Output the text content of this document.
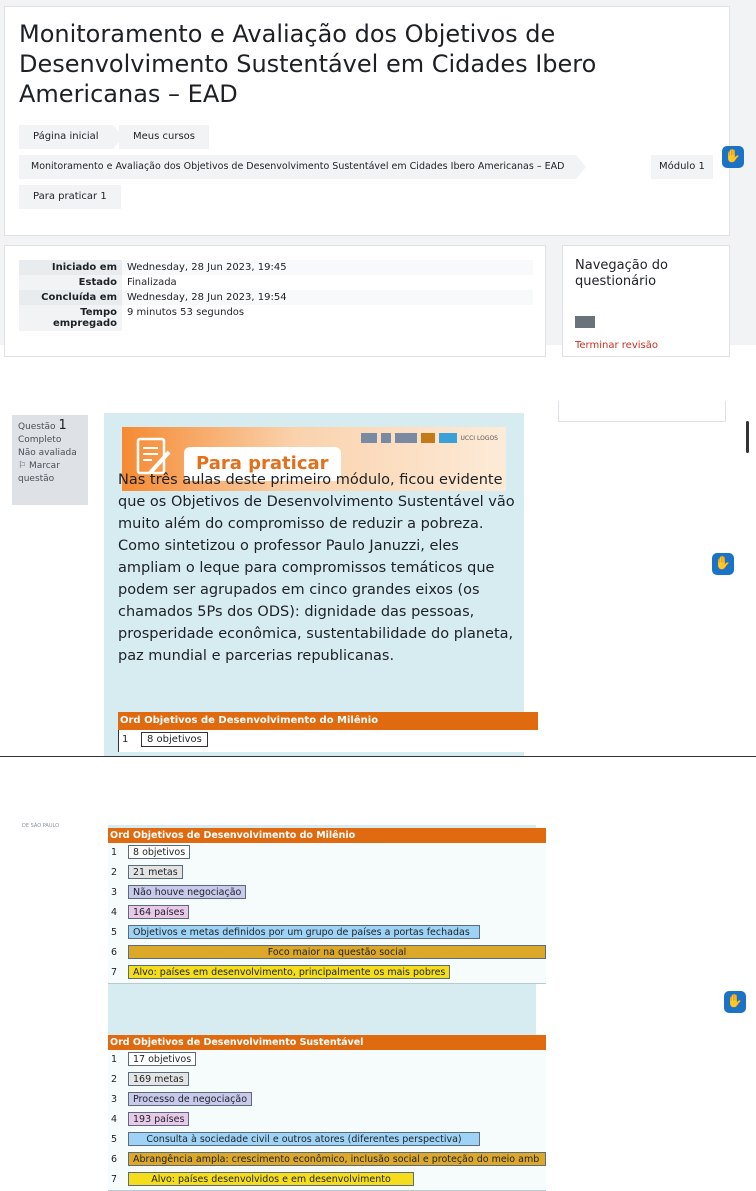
Monitoramento e Avaliação dos Objetivos de Desenvolvimento Sustentável em Cidades Ibero Americanas – EAD
Página inicial	Meus cursos
Monitoramento e Avaliação dos Objetivos de Desenvolvimento Sustentável em Cidades Ibero Americanas – EAD	Módulo 1
Para praticar 1
✋
Iniciado em	Wednesday, 28 Jun 2023, 19:45
Estado	Finalizada
Concluída em	Wednesday, 28 Jun 2023, 19:54
Tempo empregado	9 minutos 53 segundos
Navegação do questionário
Terminar revisão
Questão 1
Completo
Não avaliada
⚐ Marcar questão
Para praticar
UCCI LOGOS

Nas três aulas deste primeiro módulo, ficou evidente que os Objetivos de Desenvolvimento Sustentável vão muito além do compromisso de reduzir a pobreza. Como sintetizou o professor Paulo Januzzi, eles ampliam o leque para compromissos temáticos que podem ser agrupados em cinco grandes eixos (os chamados 5Ps dos ODS): dignidade das pessoas, prosperidade econômica, sustentabilidade do planeta, paz mundial e parcerias republicanas.

Ord Objetivos de Desenvolvimento do Milênio
1	8 objetivos
✋
DE SÃO PAULO
Ord Objetivos de Desenvolvimento do Milênio
1	8 objetivos
2	21 metas
3	Não houve negociação
4	164 países
5	Objetivos e metas definidos por um grupo de países a portas fechadas
6	Foco maior na questão social
7	Alvo: países em desenvolvimento, principalmente os mais pobres
✋
Ord Objetivos de Desenvolvimento Sustentável
1	17 objetivos
2	169 metas
3	Processo de negociação
4	193 países
5	Consulta à sociedade civil e outros atores (diferentes perspectiva)
6	Abrangência ampla: crescimento econômico, inclusão social e proteção do meio amb
7	Alvo: países desenvolvidos e em desenvolvimento
